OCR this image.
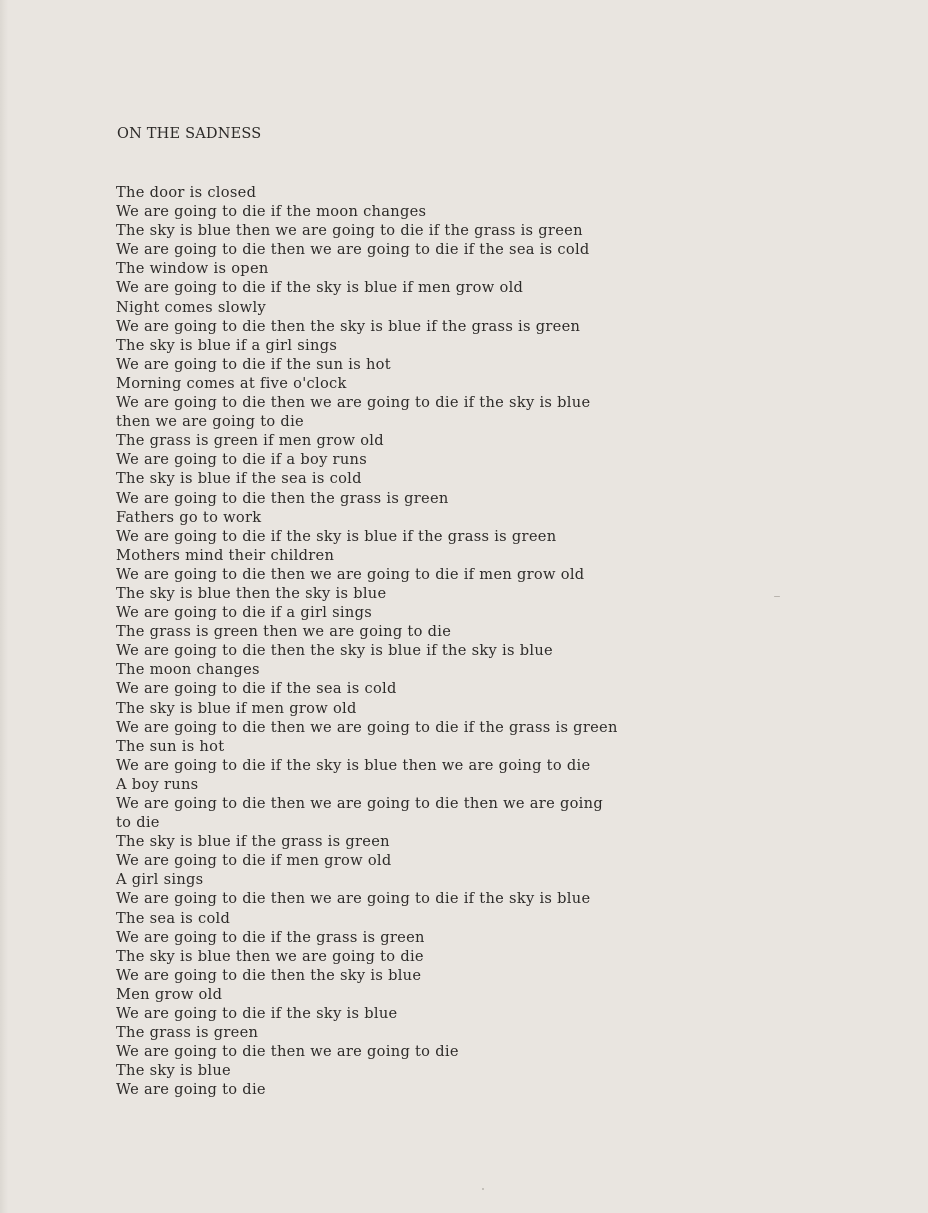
ON THE SADNESS
The door is closed
We are going to die if the moon changes
The sky is blue then we are going to die if the grass is green
We are going to die then we are going to die if the sea is cold
The window is open
We are going to die if the sky is blue if men grow old
Night comes slowly
We are going to die then the sky is blue if the grass is green
The sky is blue if a girl sings
We are going to die if the sun is hot
Morning comes at five o'clock
We are going to die then we are going to die if the sky is blue
then we are going to die
The grass is green if men grow old
We are going to die if a boy runs
The sky is blue if the sea is cold
We are going to die then the grass is green
Fathers go to work
We are going to die if the sky is blue if the grass is green
Mothers mind their children
We are going to die then we are going to die if men grow old
The sky is blue then the sky is blue
We are going to die if a girl sings
The grass is green then we are going to die
We are going to die then the sky is blue if the sky is blue
The moon changes
We are going to die if the sea is cold
The sky is blue if men grow old
We are going to die then we are going to die if the grass is green
The sun is hot
We are going to die if the sky is blue then we are going to die
A boy runs
We are going to die then we are going to die then we are going
to die
The sky is blue if the grass is green
We are going to die if men grow old
A girl sings
We are going to die then we are going to die if the sky is blue
The sea is cold
We are going to die if the grass is green
The sky is blue then we are going to die
We are going to die then the sky is blue
Men grow old
We are going to die if the sky is blue
The grass is green
We are going to die then we are going to die
The sky is blue
We are going to die
